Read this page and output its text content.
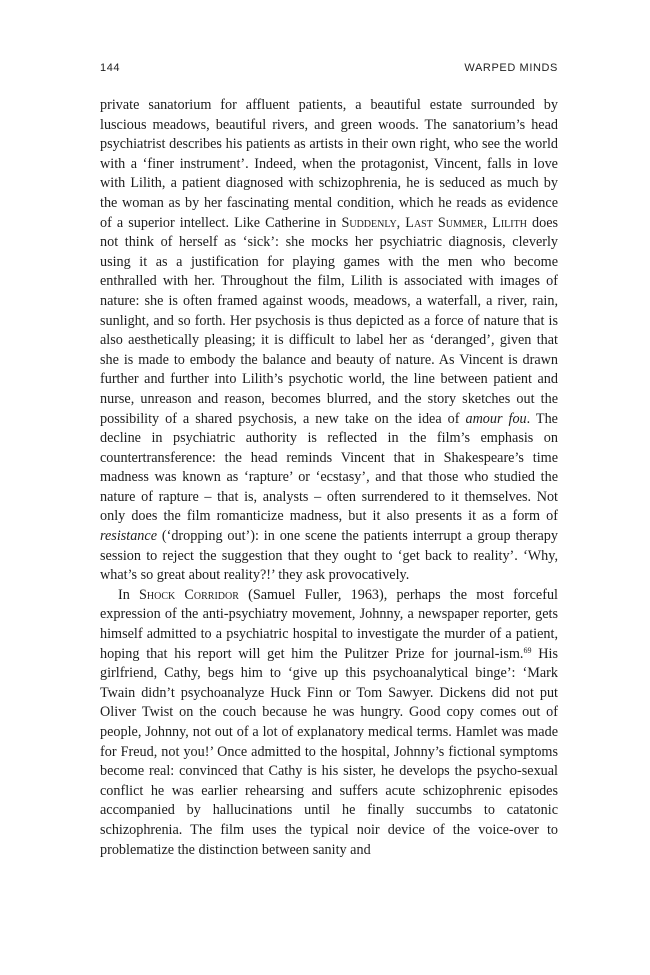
144	WARPED MINDS

private sanatorium for affluent patients, a beautiful estate surrounded by luscious meadows, beautiful rivers, and green woods. The sanatorium’s head psychiatrist describes his patients as artists in their own right, who see the world with a ‘finer instrument’. Indeed, when the protagonist, Vincent, falls in love with Lilith, a patient diagnosed with schizophrenia, he is seduced as much by the woman as by her fascinating mental condition, which he reads as evidence of a superior intellect. Like Catherine in Suddenly, Last Summer, Lilith does not think of herself as ‘sick’: she mocks her psychiatric diagnosis, cleverly using it as a justification for playing games with the men who become enthralled with her. Throughout the film, Lilith is associated with images of nature: she is often framed against woods, meadows, a waterfall, a river, rain, sunlight, and so forth. Her psychosis is thus depicted as a force of nature that is also aesthetically pleasing; it is difficult to label her as ‘deranged’, given that she is made to embody the balance and beauty of nature. As Vincent is drawn further and further into Lilith’s psychotic world, the line between patient and nurse, unreason and reason, becomes blurred, and the story sketches out the possibility of a shared psychosis, a new take on the idea of amour fou. The decline in psychiatric authority is reflected in the film’s emphasis on countertransference: the head reminds Vincent that in Shakespeare’s time madness was known as ‘rapture’ or ‘ecstasy’, and that those who studied the nature of rapture – that is, analysts – often surrendered to it themselves. Not only does the film romanticize madness, but it also presents it as a form of resistance (‘dropping out’): in one scene the patients interrupt a group therapy session to reject the suggestion that they ought to ‘get back to reality’. ‘Why, what’s so great about reality?!’ they ask provocatively.

In Shock Corridor (Samuel Fuller, 1963), perhaps the most forceful expression of the anti-psychiatry movement, Johnny, a newspaper reporter, gets himself admitted to a psychiatric hospital to investigate the murder of a patient, hoping that his report will get him the Pulitzer Prize for journal-ism.$^{69}$ His girlfriend, Cathy, begs him to ‘give up this psychoanalytical binge’: ‘Mark Twain didn’t psychoanalyze Huck Finn or Tom Sawyer. Dickens did not put Oliver Twist on the couch because he was hungry. Good copy comes out of people, Johnny, not out of a lot of explanatory medical terms. Hamlet was made for Freud, not you!’ Once admitted to the hospital, Johnny’s fictional symptoms become real: convinced that Cathy is his sister, he develops the psycho-sexual conflict he was earlier rehearsing and suffers acute schizophrenic episodes accompanied by hallucinations until he finally succumbs to catatonic schizophrenia. The film uses the typical noir device of the voice-over to problematize the distinction between sanity and
